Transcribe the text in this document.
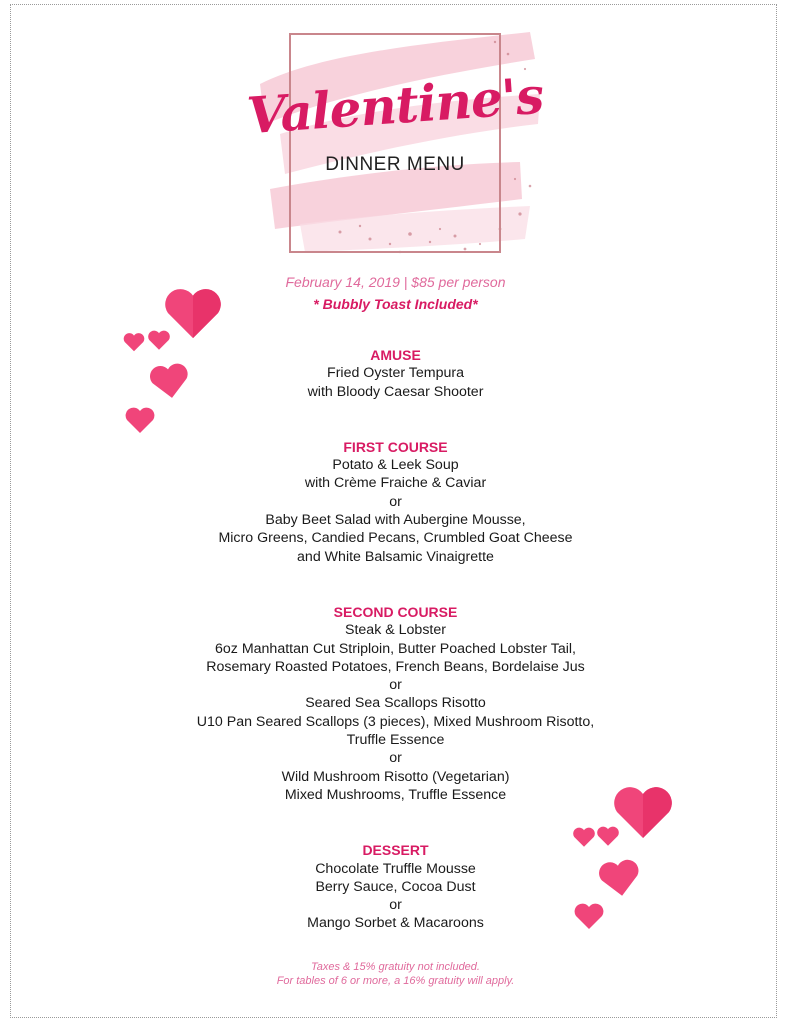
Valentine's
DINNER MENU
February 14, 2019 | $85 per person
* Bubbly Toast Included*
AMUSE
Fried Oyster Tempura
with Bloody Caesar Shooter
FIRST COURSE
Potato & Leek Soup
with Crème Fraiche & Caviar
or
Baby Beet Salad with Aubergine Mousse,
Micro Greens, Candied Pecans, Crumbled Goat Cheese
and White Balsamic Vinaigrette
SECOND COURSE
Steak & Lobster
6oz Manhattan Cut Striploin, Butter Poached Lobster Tail,
Rosemary Roasted Potatoes, French Beans, Bordelaise Jus
or
Seared Sea Scallops Risotto
U10 Pan Seared Scallops (3 pieces), Mixed Mushroom Risotto,
Truffle Essence
or
Wild Mushroom Risotto (Vegetarian)
Mixed Mushrooms, Truffle Essence
DESSERT
Chocolate Truffle Mousse
Berry Sauce, Cocoa Dust
or
Mango Sorbet & Macaroons
Taxes & 15% gratuity not included.
For tables of 6 or more, a 16% gratuity will apply.
